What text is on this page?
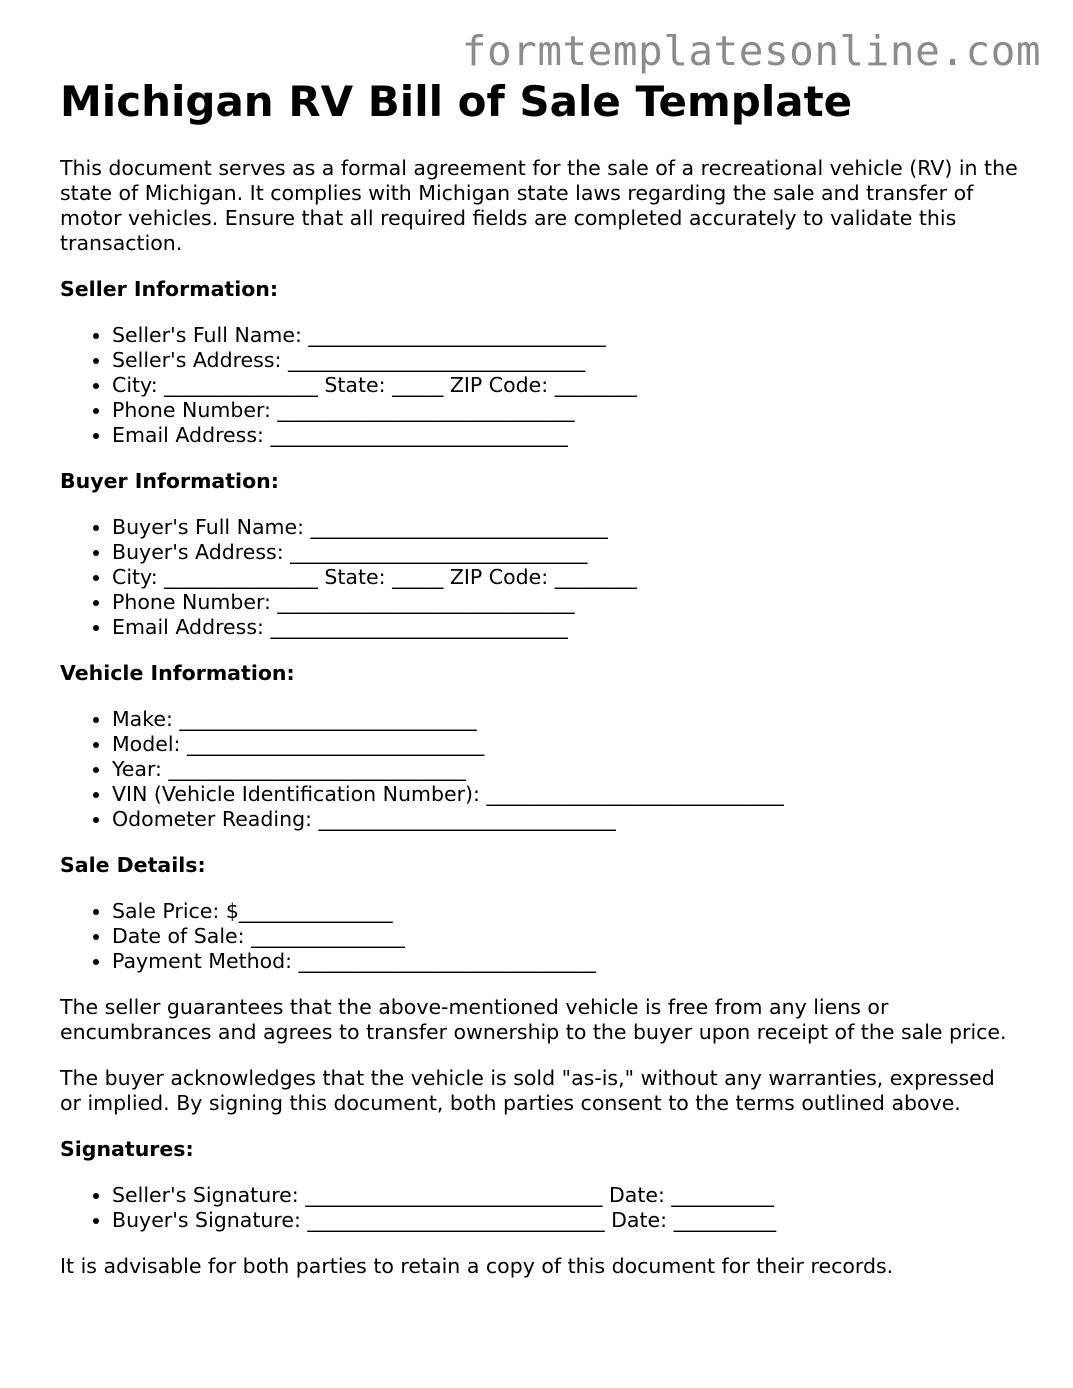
formtemplatesonline.com
Michigan RV Bill of Sale Template

This document serves as a formal agreement for the sale of a recreational vehicle (RV) in the state of Michigan. It complies with Michigan state laws regarding the sale and transfer of motor vehicles. Ensure that all required fields are completed accurately to validate this transaction.

Seller Information:
• Seller's Full Name: _____________________________
• Seller's Address: _____________________________
• City: _______________ State: _____ ZIP Code: ________
• Phone Number: _____________________________
• Email Address: _____________________________
Buyer Information:
• Buyer's Full Name: _____________________________
• Buyer's Address: _____________________________
• City: _______________ State: _____ ZIP Code: ________
• Phone Number: _____________________________
• Email Address: _____________________________
Vehicle Information:
• Make: _____________________________
• Model: _____________________________
• Year: _____________________________
• VIN (Vehicle Identification Number): _____________________________
• Odometer Reading: _____________________________
Sale Details:
• Sale Price: $_______________
• Date of Sale: _______________
• Payment Method: _____________________________

The seller guarantees that the above-mentioned vehicle is free from any liens or encumbrances and agrees to transfer ownership to the buyer upon receipt of the sale price.

The buyer acknowledges that the vehicle is sold "as-is," without any warranties, expressed or implied. By signing this document, both parties consent to the terms outlined above.

Signatures:
• Seller's Signature: _____________________________ Date: __________
• Buyer's Signature: _____________________________ Date: __________

It is advisable for both parties to retain a copy of this document for their records.
